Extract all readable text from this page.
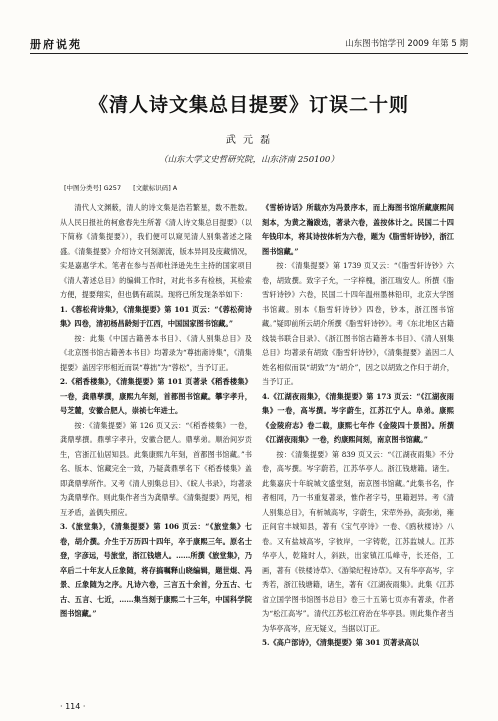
册府说苑	山东图书馆学刊 2009 年第 5 期
《清人诗文集总目提要》订误二十则
武 元 磊
（山东大学文史哲研究院，山东济南 250100）
[中图分类号] G257 [文献标识码] A

清代人文渊薮，清人的诗文集是浩若繁星，数不胜数。从人民日报社的柯愈春先生所著《清人诗文集总目提要》（以下简称《清集提要》），我们便可以窥见清人别集著述之隆盛。《清集提要》介绍诗文刊刻源流，版本异同及庋藏情况，实是嘉惠学术。笔者在参与吾师杜泽逊先生主持的国家项目《清人著述总目》的编辑工作时，对此书多有检核，其检索方便，提要翔实，但也偶有疏误。现将已所发现条举如下：

1.《蓉松荷诗集》，《清集提要》第 101 页云：“《蓉松荷诗集》四卷，清初杨昌龄刻于江西，中国国家图书馆藏。”

按：此集《中国古籍善本书目》、《清人别集总目》及《北京图书馆古籍善本书目》均著录为“尊拙斋诗集”，《清集提要》盖因字形相近而误“尊拙”为“蓉松”，当予订正。

2.《稻香楼集》，《清集提要》第 101 页著录《稻香楼集》一卷，龚鼎孳撰，康熙九年刻，首都图书馆藏。攀字孝升，号芝麓，安徽合肥人，崇祯七年进士。

按：《清集提要》第 126 页又云：“《稻香楼集》一卷，龚鼎孳撰。鼎孳字孝升，安徽合肥人。鼎孳弟。顺治间岁贡生，官浙江仙居知县。此集康熙九年刻，首都图书馆藏。”书名、版本、馆藏完全一致，乃疑龚鼎孳名下《稻香楼集》盖即龚鼎孳所作。又考《清人别集总目》、《皖人书录》，均著录为龚鼎孳作。则此集作者当为龚鼎孳。《清集提要》两见，相互矛盾，盖偶失照应。

3.《旅堂集》，《清集提要》第 106 页云：“《旅堂集》七卷，胡介撰。介生于万历四十四年，卒于康熙三年。原名士登，字彦远，号旅堂，浙江钱塘人。……所撰《旅堂集》，乃卒后二十年友人丘象随，将存搞嘱释山晓编辑，题世焜、冯景、丘象随为之序。凡诗六卷，三言五十余首，分五古、七古、五言、七近，……集当刻于康熙二十三年，中国科学院图书馆藏。”

《雪桥诗话》所载亦为冯景序本，而上海图书馆所藏康熙间刻本，为黄之瀚跋选，著录六卷，盖按体计之。民国二十四年钱印本，将其诗按体析为六卷，题为《脂雪轩诗钞》，浙江图书馆藏。”

按：《清集提要》第 1739 页又云：“《脂雪轩诗钞》六卷，胡致撰。致字子允，一字梓槐，浙江瑞安人。所撰《脂雪轩诗钞》六卷，民国二十四年温州墨林铅印，北京大学图书馆藏。别本《脂雪轩诗钞》四卷，钞本，浙江图书馆藏。”疑即前所云胡介所撰《脂雪轩诗钞》。考《东北地区古籍线装书联合目录》、《浙江图书馆古籍善本书目》、《清人别集总目》均著录有胡致《脂雪轩诗钞》，《清集提要》盖因二人姓名相似而误“胡致”为“胡介”，因之以胡致之作归于胡介，当予订正。

4.《江湖夜雨集》，《清集提要》第 173 页云：“《江湖夜雨集》一卷，高岑撰。岑字蔚生，江苏江宁人。阜弟。康熙《金陵府志》卷二载，康熙七年作《金陵四十景图》。所撰《江湖夜雨集》一卷，约康熙间刻，南京图书馆藏。”

按：《清集提要》第 839 页又云：“《江湖夜雨集》不分卷，高岑撰。岑字蔚若，江苏华亭人。浙江钱塘籍。诸生。此集嘉庆十年皖城文盛堂刻，南京图书馆藏。”此集书名，作者相同，乃一书重复著录，惟作者字号，里籍迥异。考《清人别集总目》，有析城高岑，字蔚生，宋荦外孙，高弥弟，雍正间官丰城知县，著有《宝气亭诗》一卷、《鸥秋楼诗》八卷。又有盐城高岑，字彼岸，一字铸乾，江苏监城人。江苏华亭人，乾隆时人，斜趺，出家镇江瓜峰寺，长还俗，工画，著有《铁楼诗草》、《游梁纪程诗草》。又有华亭高岑，字秀若，浙江钱塘籍，诸生，著有《江湖夜雨集》。此集《江苏省立国学图书馆图书总目》卷三十五第七页亦有著录，作者为“松江高岑”。清代江苏松江府治在华亭县。则此集作者当为华亭高岑，应无疑义，当据以订正。

5.《高户部诗》，《清集提要》第 301 页著录高以

· 114 ·
